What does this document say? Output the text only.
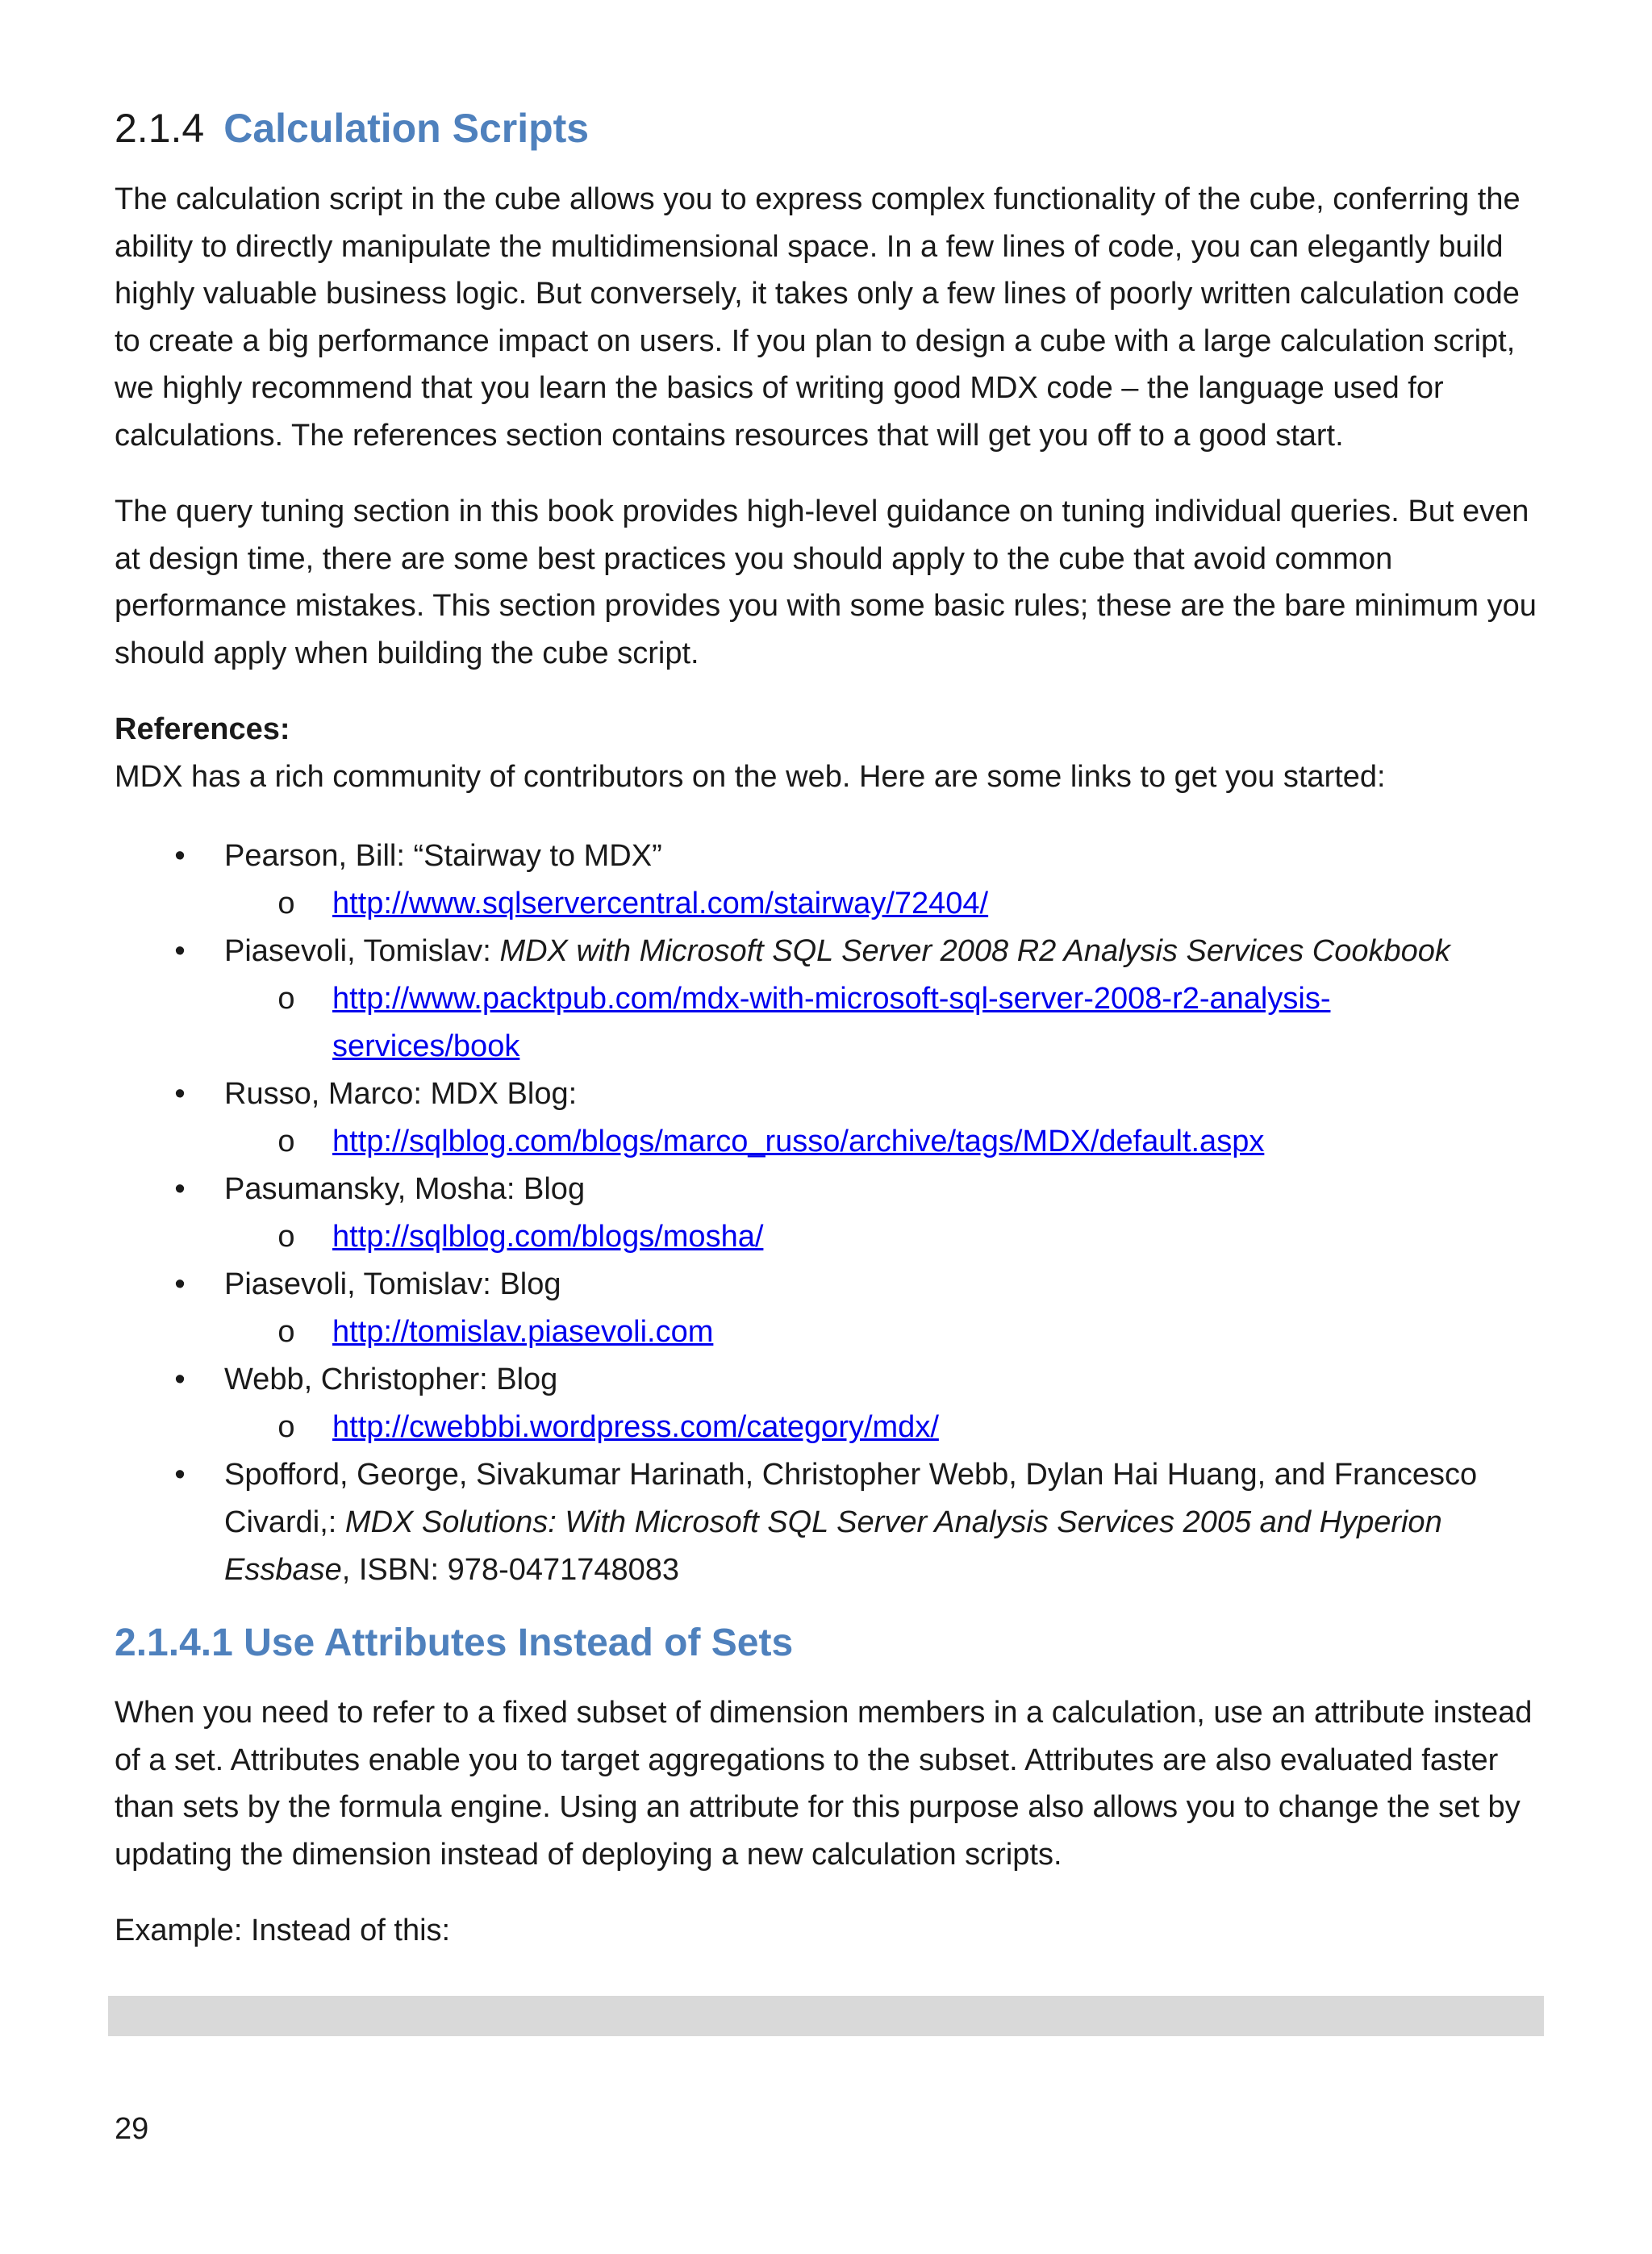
2.1.4 Calculation Scripts

The calculation script in the cube allows you to express complex functionality of the cube, conferring the ability to directly manipulate the multidimensional space. In a few lines of code, you can elegantly build highly valuable business logic. But conversely, it takes only a few lines of poorly written calculation code to create a big performance impact on users. If you plan to design a cube with a large calculation script, we highly recommend that you learn the basics of writing good MDX code – the language used for calculations. The references section contains resources that will get you off to a good start.

The query tuning section in this book provides high-level guidance on tuning individual queries. But even at design time, there are some best practices you should apply to the cube that avoid common performance mistakes. This section provides you with some basic rules; these are the bare minimum you should apply when building the cube script.

References:

MDX has a rich community of contributors on the web. Here are some links to get you started:

• Pearson, Bill: “Stairway to MDX”
o	http://www.sqlservercentral.com/stairway/72404/
• Piasevoli, Tomislav: MDX with Microsoft SQL Server 2008 R2 Analysis Services Cookbook
o	http://www.packtpub.com/mdx-with-microsoft-sql-server-2008-r2-analysis-services/book
• Russo, Marco: MDX Blog:
o	http://sqlblog.com/blogs/marco_russo/archive/tags/MDX/default.aspx
• Pasumansky, Mosha: Blog
o	http://sqlblog.com/blogs/mosha/
• Piasevoli, Tomislav: Blog
o	http://tomislav.piasevoli.com
• Webb, Christopher: Blog
o	http://cwebbbi.wordpress.com/category/mdx/
• Spofford, George, Sivakumar Harinath, Christopher Webb, Dylan Hai Huang, and Francesco Civardi,: MDX Solutions: With Microsoft SQL Server Analysis Services 2005 and Hyperion Essbase, ISBN: 978-0471748083
2.1.4.1 Use Attributes Instead of Sets

When you need to refer to a fixed subset of dimension members in a calculation, use an attribute instead of a set. Attributes enable you to target aggregations to the subset. Attributes are also evaluated faster than sets by the formula engine. Using an attribute for this purpose also allows you to change the set by updating the dimension instead of deploying a new calculation scripts.

Example: Instead of this:

29
